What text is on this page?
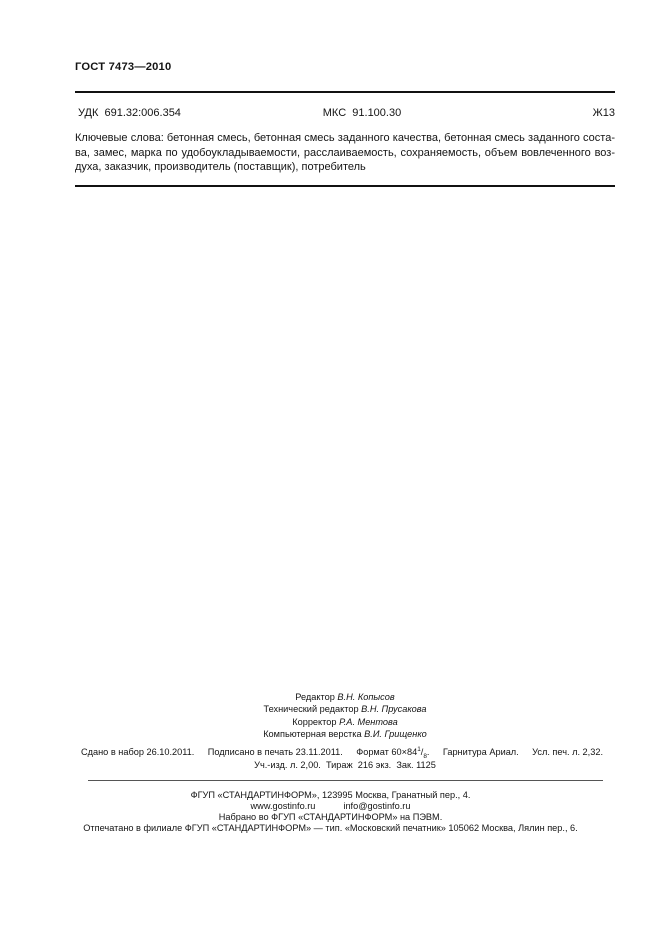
ГОСТ 7473—2010
УДК  691.32:006.354	МКС  91.100.30	Ж13
Ключевые слова: бетонная смесь, бетонная смесь заданного качества, бетонная смесь заданного соста-
ва, замес, марка по удобоукладываемости, расслаиваемость, сохраняемость, объем вовлеченного воз-
духа, заказчик, производитель (поставщик), потребитель
Редактор В.Н. Копысов
Технический редактор В.Н. Прусакова
Корректор Р.А. Ментова
Компьютерная верстка В.И. Грищенко
Сдано в набор 26.10.2011. Подписано в печать 23.11.2011. Формат $60\times 84^1/_8$. Гарнитура Ариал. Усл. печ. л. 2,32.
Уч.-изд. л. 2,00.  Тираж  216 экз.  Зак. 1125
ФГУП «СТАНДАРТИНФОРМ», 123995 Москва, Гранатный пер., 4.
www.gostinfo.ru	info@gostinfo.ru
Набрано во ФГУП «СТАНДАРТИНФОРМ» на ПЭВМ.
Отпечатано в филиале ФГУП «СТАНДАРТИНФОРМ» — тип. «Московский печатник» 105062 Москва, Лялин пер., 6.
